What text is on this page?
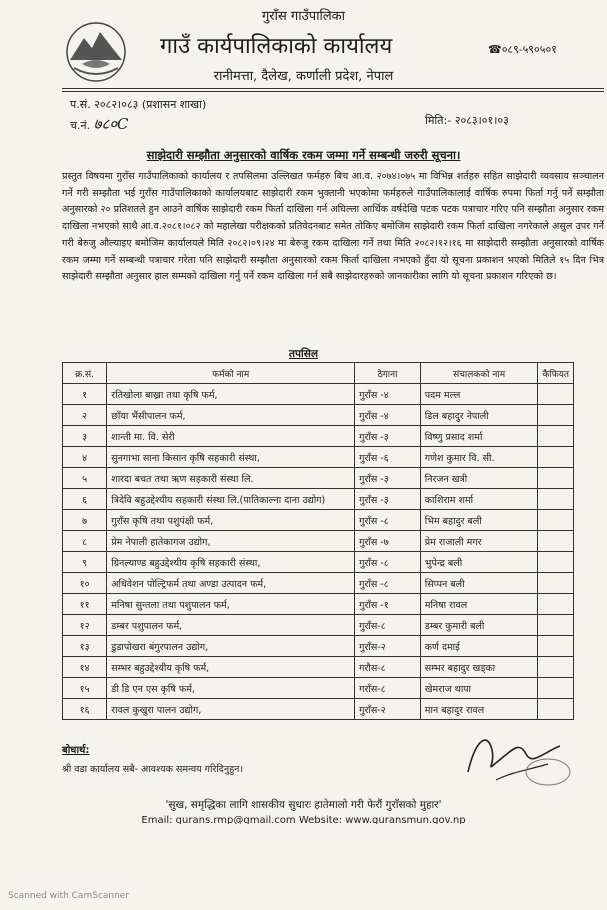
गुराँस गाउँपालिका
गाउँ कार्यपालिकाको कार्यालय	☎०८९-५९०५०१
रानीमत्ता, दैलेख, कर्णाली प्रदेश, नेपाल
प.सं. २०८२।०८३ (प्रशासन शाखा)
च.नं. ७८०C	मिति:- २०८३।०१।०३
साझेदारी सम्झौता अनुसारको वार्षिक रकम जम्मा गर्ने सम्बन्धी जरुरी सूचना।
प्रस्तुत विषयमा गुराँस गाउँपालिकाको कार्यालय र तपसिलमा उल्लिखत फर्महरु बिच आ.व. २०७४।०७५ मा विभिन्न शर्तहरु सहित साझेदारी व्यवसाय सञ्चालन गर्ने गरी सम्झौता भई गुराँस गाउँपालिकाको कार्यालयबाट साझेदारी रकम भुक्तानी भएकोमा फर्महरुले गाउँपालिकालाई वार्षिक रुपमा फिर्ता गर्नु पर्ने सम्झौता अनुसारको २० प्रतिशतले हुन आउने वार्षिक साझेदारी रकम फिर्ता दाखिला गर्न अघिल्ला आर्थिक वर्षदेखि पटक पटक पत्राचार गरिए पनि सम्झौता अनुसार रकम दाखिला नभएको साथै आ.व.२०८१।०८२ को महालेखा परीक्षकको प्रतिवेदनबाट समेत तोकिए बमोजिम साझेदारी रकम फिर्ता दाखिला नगरेकाले असुल उपर गर्ने गरी बेरुजु औल्याइए बमोजिम कार्यालयले मिति २०८२।०९।२४ मा बेरुजु रकम दाखिला गर्ने तथा मिति २०८२।१२।१६ मा साझेदारी सम्झौता अनुसारको वार्षिक रकम जम्मा गर्ने सम्बन्धी पत्राचार गरेता पनि साझेदारी सम्झौता अनुसारको रकम फिर्ता दाखिला नभएको हुँदा यो सूचना प्रकाशन भएको मितिले १५ दिन भित्र साझेदारी सम्झौता अनुसार हाल सम्मको दाखिला गर्नु पर्ने रकम दाखिला गर्न सबै साझेदारहरुको जानकारीका लागि यो सूचना प्रकाशन गरिएको छ।
तपसिल
क्र.सं.	फर्मको नाम	ठेगाना	संचालकको नाम	कैफियत
१	रतिखोला बाख्रा तथा कृषि फर्म,	गुराँस -४	पदम मल्ल	
२	छाँया भैंसीपालन फर्म,	गुराँस -४	डिल बहादुर नेपाली	
३	शान्ती मा. वि. सेरी	गुराँस -३	विष्णु प्रसाद शर्मा	
४	सुनगाभा साना किसान कृषि सहकारी संस्था,	गुराँस -६	गणेश कुमार वि. सी.	
५	शारदा बचत तथा ऋण सहकारी संस्था लि.	गुराँस -३	निरजन खत्री	
६	त्रिदेवि बहुउद्देश्यीय सहकारी संस्था लि.(पातिकाल्ना दाना उद्योग)	गुराँस -३	काशिराम शर्मा	
७	गुराँस कृषि तथा पशुपंक्षी फर्म,	गुराँस -८	भिम बहादुर बली	
८	प्रेम नेपाली हातेकागज उद्योग,	गुराँस -७	प्रेम राजाली मगर	
९	ग्रिनल्याण्ड बहुउद्देश्यीय कृषि सहकारी संस्था,	गुराँस -८	भुपेन्द्र बली	
१०	अधिवेशन पोल्ट्रिफर्म तथा अण्डा उत्पादन फर्म,	गुराँस -८	सिप्पन बली	
११	मनिषा सुन्तला तथा पशुपालन फर्म,	गुराँस -१	मनिषा रावल	
१२	डम्बर पशुपालन फर्म,	गुराँस-८	डम्बर कुमारी बली	
१३	डुडापोखरा बंगुरपालन उद्योग,	गुराँस-२	कर्ण दमाई	
१४	सम्भर बहुउद्देश्यीय कृषि फर्म,	गरौस-८	सम्भर बहादुर खड्का	
१५	डी डि एन एस कृषि फर्म,	गराँस-८	खेमराज थापा	
१६	रावल कुखुरा पालन उद्योग,	गुराँस-२	मान बहादुर रावल	
बोधार्थ:
श्री वडा कार्यालय सबै- आवश्यक समन्वय गरिदिनुहुन।
'सुख, समृद्धिका लागि शासकीय सुधारः हातेमालो गरी फेरौं गुराँसको मुहार'
Email: gurans.rmp@gmail.com Website: www.guransmun.gov.np
Scanned with CamScanner
